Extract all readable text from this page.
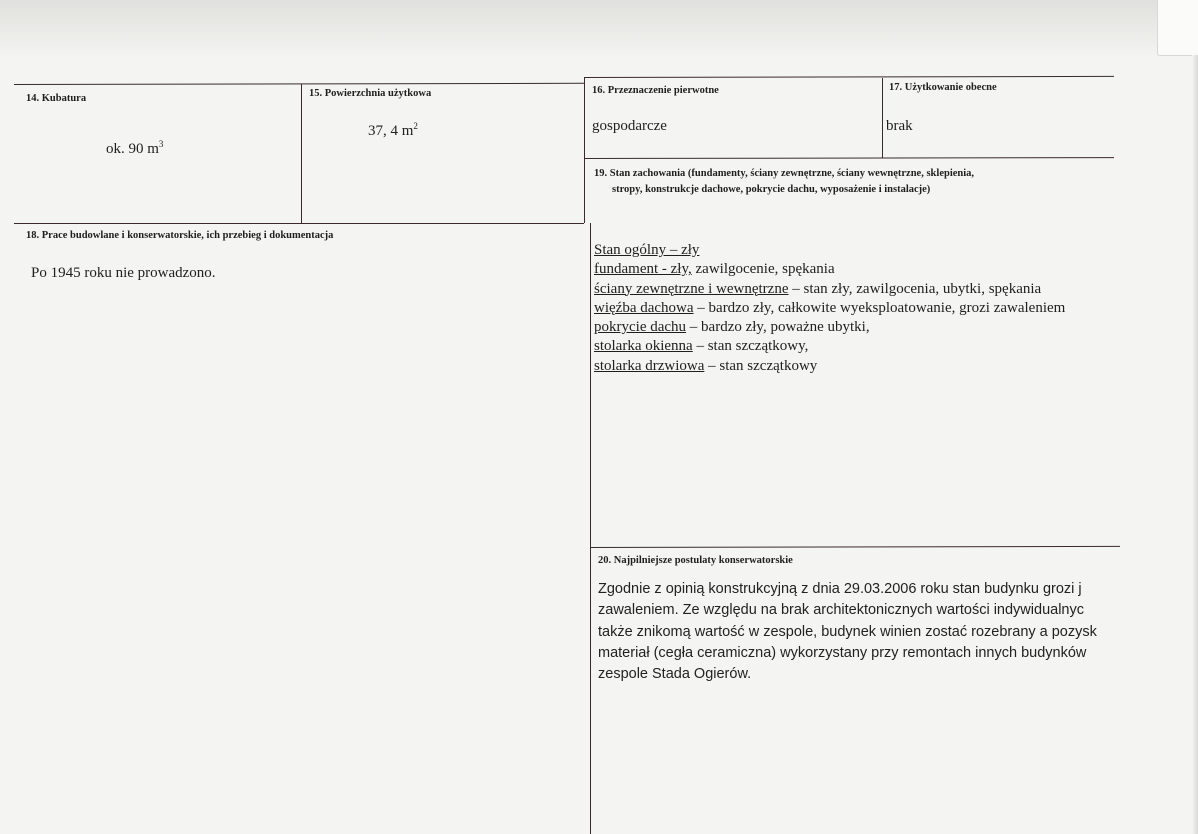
14. Kubatura
ok. 90 $m^3$
15. Powierzchnia użytkowa
37, 4 $m^2$
16. Przeznaczenie pierwotne
gospodarcze
17. Użytkowanie obecne
brak
18. Prace budowlane i konserwatorskie, ich przebieg i dokumentacja
Po 1945 roku nie prowadzono.
19. Stan zachowania (fundamenty, ściany zewnętrzne, ściany wewnętrzne, sklepienia,
stropy, konstrukcje dachowe, pokrycie dachu, wyposażenie i instalacje)
Stan ogólny – zły
fundament - zły, zawilgocenie, spękania
ściany zewnętrzne i wewnętrzne – stan zły, zawilgocenia, ubytki, spękania
więźba dachowa – bardzo zły, całkowite wyeksploatowanie, grozi zawaleniem
pokrycie dachu – bardzo zły, poważne ubytki,
stolarka okienna – stan szczątkowy,
stolarka drzwiowa – stan szczątkowy
20. Najpilniejsze postulaty konserwatorskie
Zgodnie z opinią konstrukcyjną z dnia 29.03.2006 roku stan budynku grozi j
zawaleniem. Ze względu na brak architektonicznych wartości indywidualnyc
także znikomą wartość w zespole, budynek winien zostać rozebrany a pozysk
materiał (cegła ceramiczna) wykorzystany przy remontach innych budynków
zespole Stada Ogierów.
